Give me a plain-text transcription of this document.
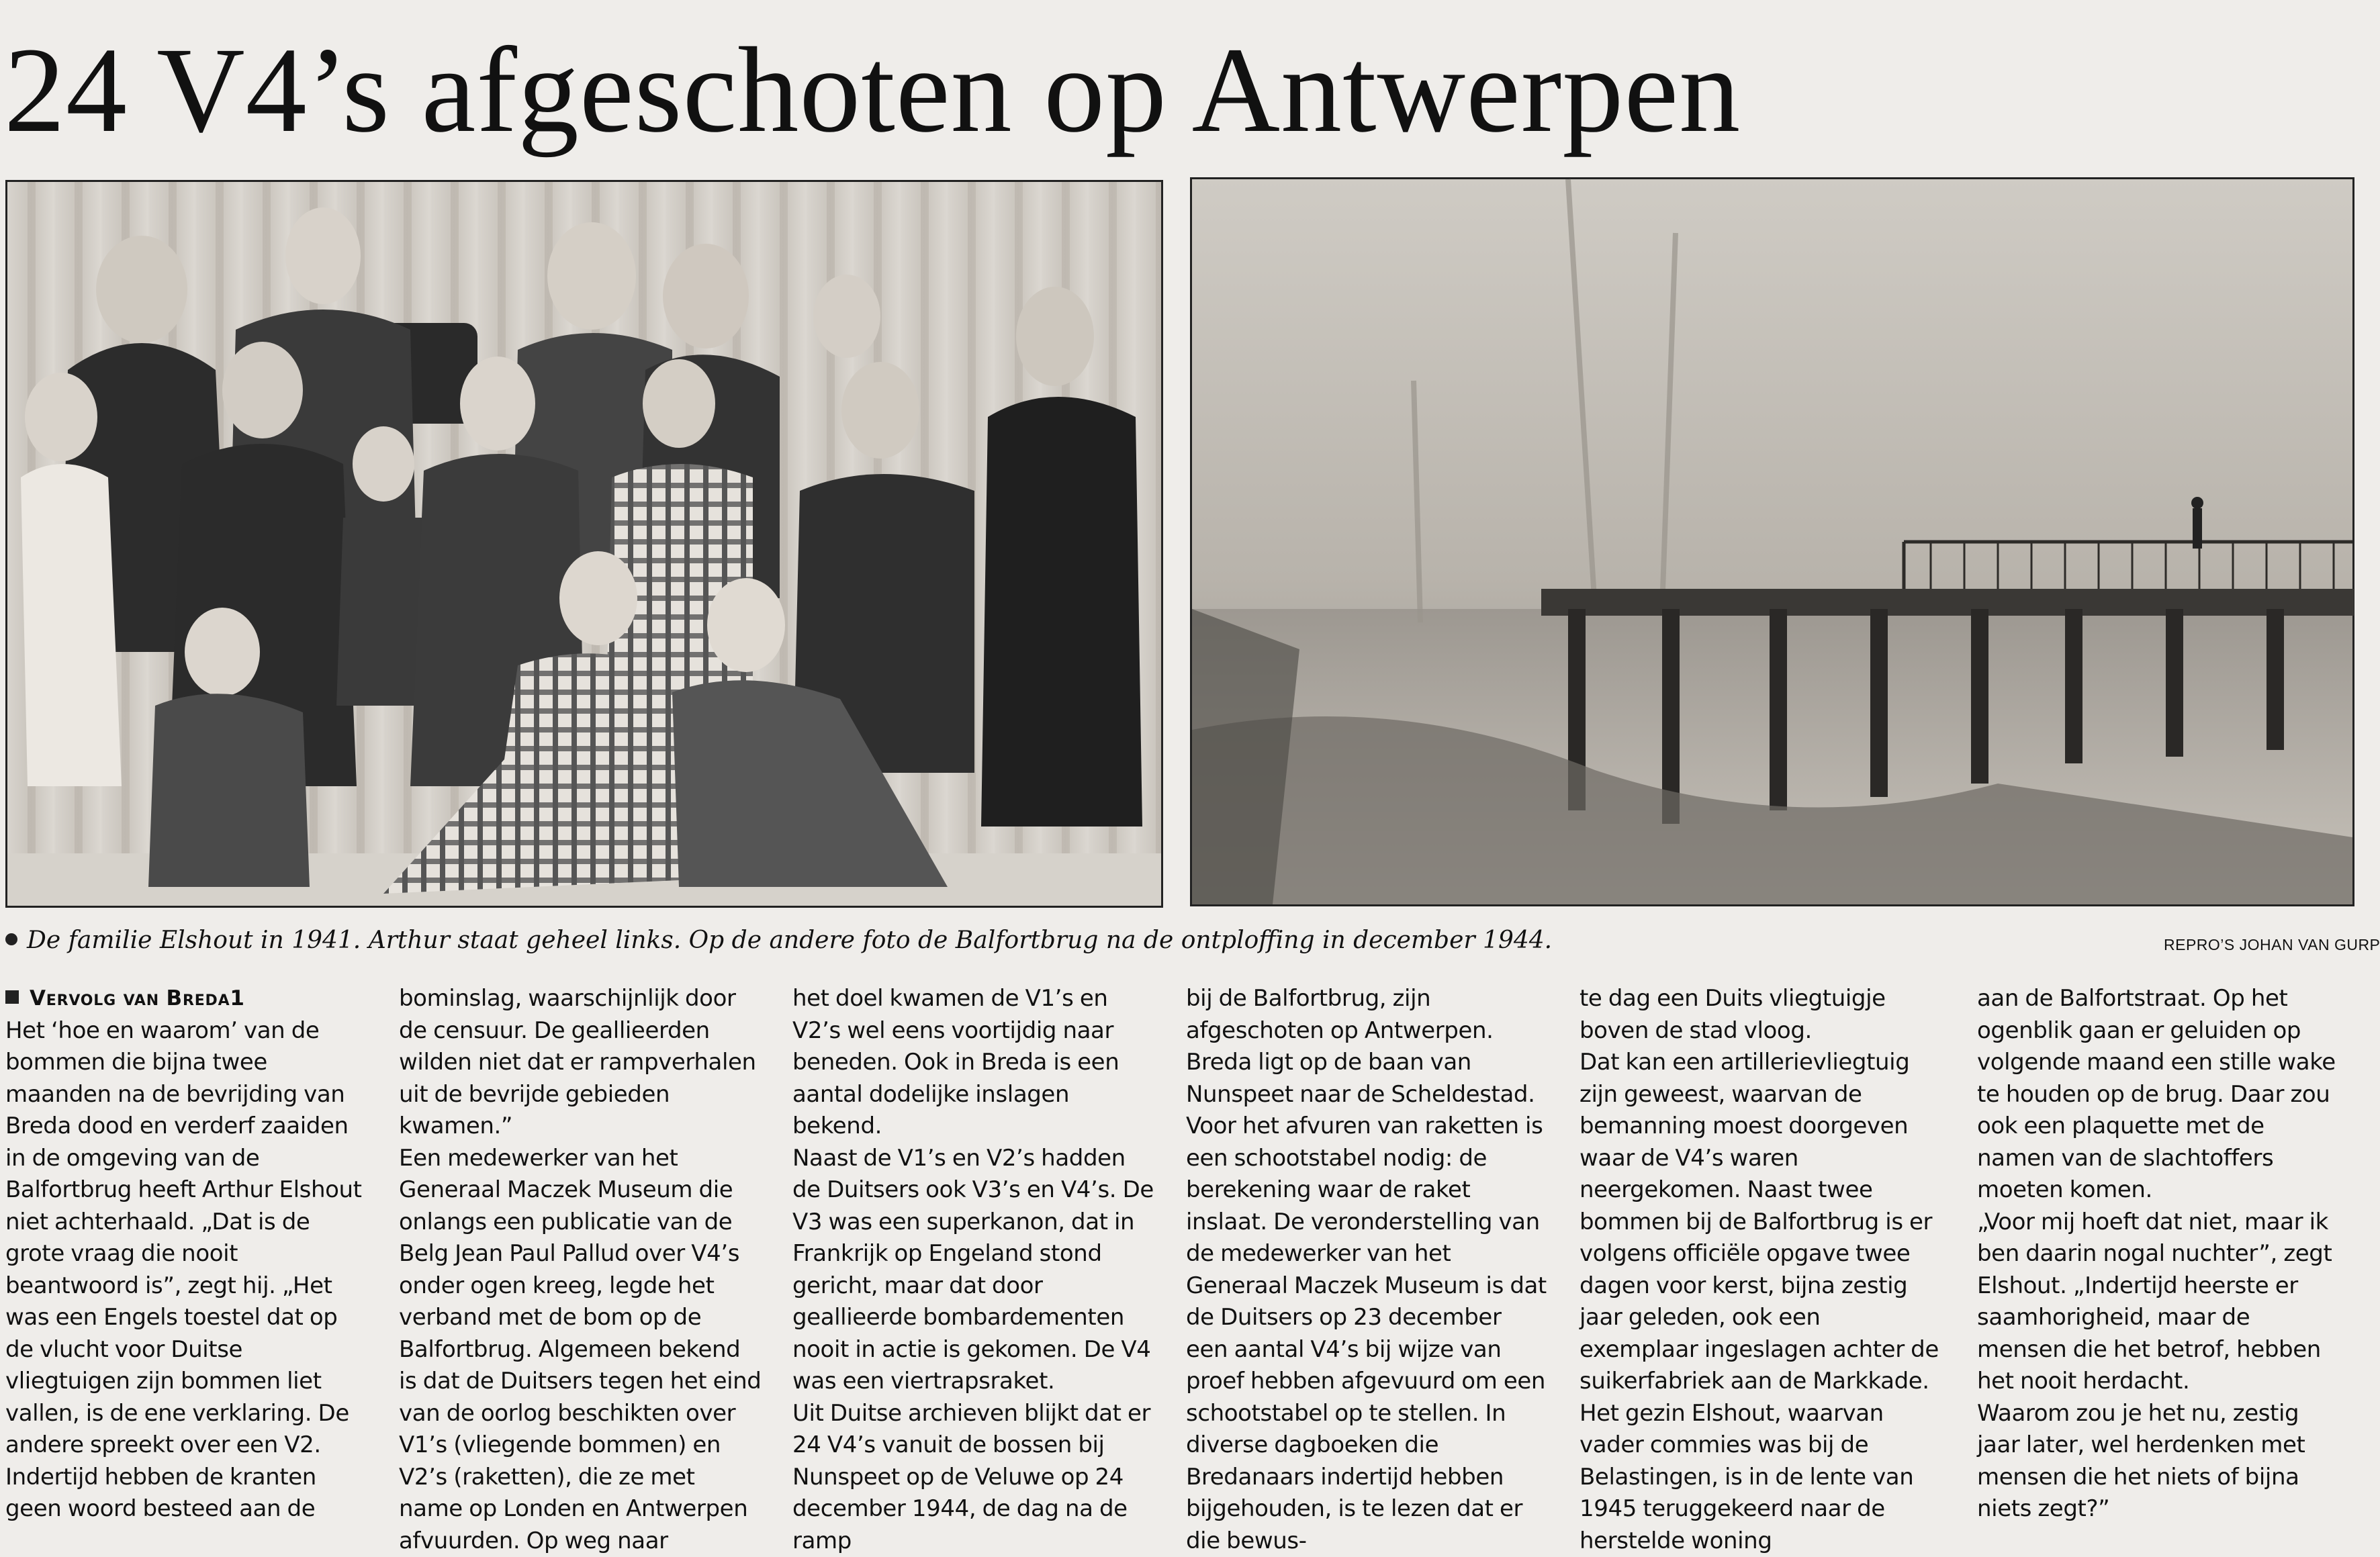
24 V4’s afgeschoten op Antwerpen

De familie Elshout in 1941. Arthur staat geheel links. Op de andere foto de Balfortbrug na de ontploffing in december 1944.	REPRO’S JOHAN VAN GURP
Vervolg van Breda1
Het ‘hoe en waarom’ van de bommen die bijna twee maanden na de bevrijding van Breda dood en verderf zaaiden in de omgeving van de Balfortbrug heeft Arthur Elshout niet achterhaald. „Dat is de grote vraag die nooit beantwoord is”, zegt hij. „Het was een Engels toestel dat op de vlucht voor Duitse vliegtuigen zijn bommen liet vallen, is de ene verklaring. De andere spreekt over een V2. Indertijd hebben de kranten geen woord besteed aan de
bominslag, waarschijnlijk door de censuur. De geallieerden wilden niet dat er rampverhalen uit de bevrijde gebieden kwamen.”
Een medewerker van het Generaal Maczek Museum die onlangs een publicatie van de Belg Jean Paul Pallud over V4’s onder ogen kreeg, legde het verband met de bom op de Balfortbrug. Algemeen bekend is dat de Duitsers tegen het eind van de oorlog beschikten over V1’s (vliegende bommen) en V2’s (raketten), die ze met name op Londen en Antwerpen afvuurden. Op weg naar
het doel kwamen de V1’s en V2’s wel eens voortijdig naar beneden. Ook in Breda is een aantal dodelijke inslagen bekend.
Naast de V1’s en V2’s hadden de Duitsers ook V3’s en V4’s. De V3 was een superkanon, dat in Frankrijk op Engeland stond gericht, maar dat door geallieerde bombardementen nooit in actie is gekomen. De V4 was een viertrapsraket.
Uit Duitse archieven blijkt dat er 24 V4’s vanuit de bossen bij Nunspeet op de Veluwe op 24 december 1944, de dag na de ramp
bij de Balfortbrug, zijn afgeschoten op Antwerpen. Breda ligt op de baan van Nunspeet naar de Scheldestad.
Voor het afvuren van raketten is een schootstabel nodig: de berekening waar de raket inslaat. De veronderstelling van de medewerker van het Generaal Maczek Museum is dat de Duitsers op 23 december een aantal V4’s bij wijze van proef hebben afgevuurd om een schootstabel op te stellen. In diverse dagboeken die Bredanaars indertijd hebben bijgehouden, is te lezen dat er die bewus-
te dag een Duits vliegtuigje boven de stad vloog.
Dat kan een artillerievliegtuig zijn geweest, waarvan de bemanning moest doorgeven waar de V4’s waren neergekomen. Naast twee bommen bij de Balfortbrug is er volgens officiële opgave twee dagen voor kerst, bijna zestig jaar geleden, ook een exemplaar ingeslagen achter de suikerfabriek aan de Markkade.
Het gezin Elshout, waarvan vader commies was bij de Belastingen, is in de lente van 1945 teruggekeerd naar de herstelde woning
aan de Balfortstraat. Op het ogenblik gaan er geluiden op volgende maand een stille wake te houden op de brug. Daar zou ook een plaquette met de namen van de slachtoffers moeten komen.
„Voor mij hoeft dat niet, maar ik ben daarin nogal nuchter”, zegt Elshout. „Indertijd heerste er saamhorigheid, maar de mensen die het betrof, hebben het nooit herdacht.
Waarom zou je het nu, zestig jaar later, wel herdenken met mensen die het niets of bijna niets zegt?”
